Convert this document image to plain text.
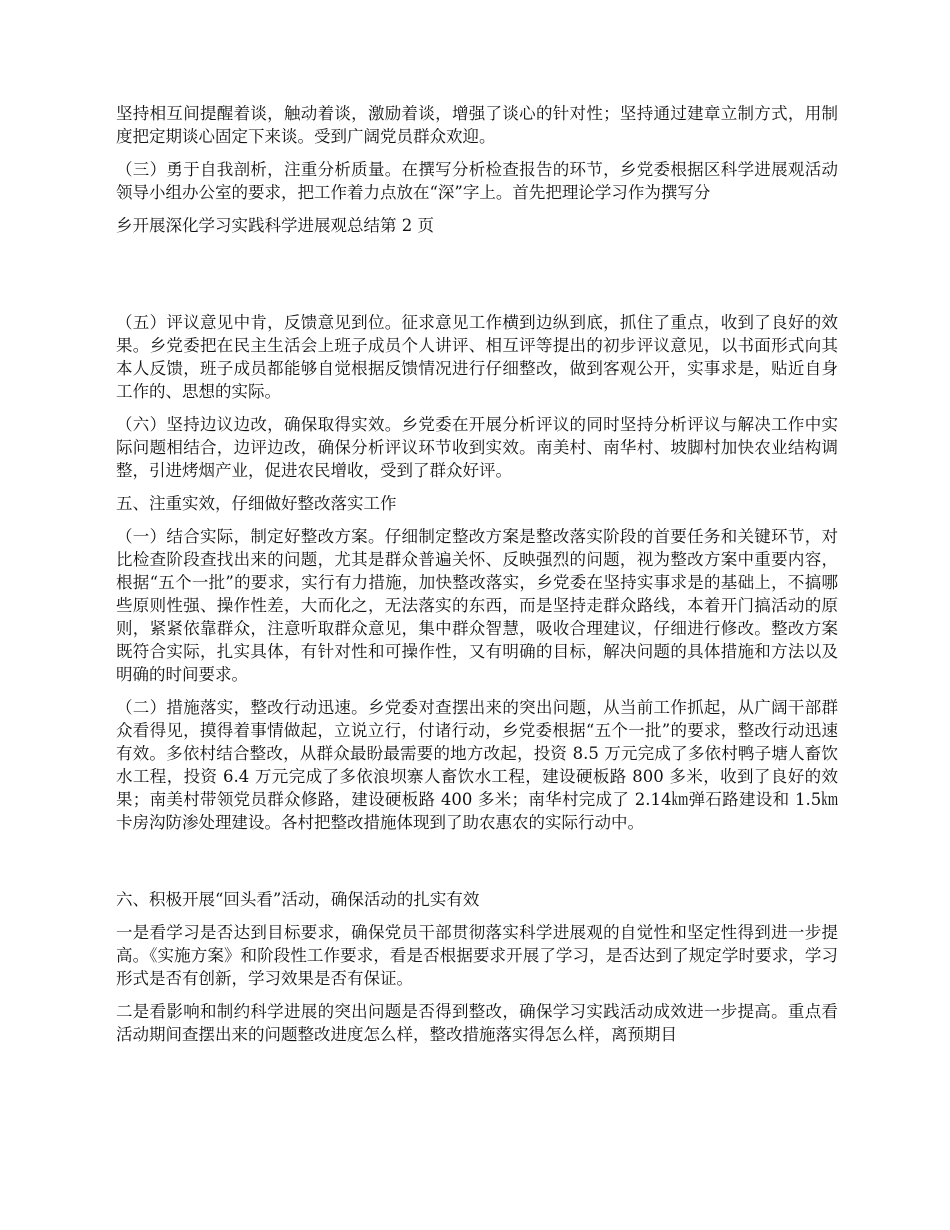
坚持相互间提醒着谈，触动着谈，激励着谈，增强了谈心的针对性；坚持通过建章立制方式，用制度把定期谈心固定下来谈。受到广阔党员群众欢迎。

（三）勇于自我剖析，注重分析质量。在撰写分析检查报告的环节，乡党委根据区科学进展观活动领导小组办公室的要求，把工作着力点放在“深”字上。首先把理论学习作为撰写分

乡开展深化学习实践科学进展观总结第 2 页

（五）评议意见中肯，反馈意见到位。征求意见工作横到边纵到底，抓住了重点，收到了良好的效果。乡党委把在民主生活会上班子成员个人讲评、相互评等提出的初步评议意见，以书面形式向其本人反馈，班子成员都能够自觉根据反馈情况进行仔细整改，做到客观公开，实事求是，贴近自身工作的、思想的实际。

（六）坚持边议边改，确保取得实效。乡党委在开展分析评议的同时坚持分析评议与解决工作中实际问题相结合，边评边改，确保分析评议环节收到实效。南美村、南华村、坡脚村加快农业结构调整，引进烤烟产业，促进农民增收，受到了群众好评。

五、注重实效，仔细做好整改落实工作

（一）结合实际，制定好整改方案。仔细制定整改方案是整改落实阶段的首要任务和关键环节，对比检查阶段查找出来的问题，尤其是群众普遍关怀、反映强烈的问题，视为整改方案中重要内容，根据“五个一批”的要求，实行有力措施，加快整改落实，乡党委在坚持实事求是的基础上，不搞哪些原则性强、操作性差，大而化之，无法落实的东西，而是坚持走群众路线，本着开门搞活动的原则，紧紧依靠群众，注意听取群众意见，集中群众智慧，吸收合理建议，仔细进行修改。整改方案既符合实际，扎实具体，有针对性和可操作性，又有明确的目标，解决问题的具体措施和方法以及明确的时间要求。

（二）措施落实，整改行动迅速。乡党委对查摆出来的突出问题，从当前工作抓起，从广阔干部群众看得见，摸得着事情做起，立说立行，付诸行动，乡党委根据“五个一批”的要求，整改行动迅速有效。多依村结合整改，从群众最盼最需要的地方改起，投资 8.5 万元完成了多依村鸭子塘人畜饮水工程，投资 6.4 万元完成了多依浪坝寨人畜饮水工程，建设硬板路 800 多米，收到了良好的效果；南美村带领党员群众修路，建设硬板路 400 多米；南华村完成了 2.14㎞弹石路建设和 1.5㎞卡房沟防渗处理建设。各村把整改措施体现到了助农惠农的实际行动中。

六、积极开展“回头看”活动，确保活动的扎实有效

一是看学习是否达到目标要求，确保党员干部贯彻落实科学进展观的自觉性和坚定性得到进一步提高。《实施方案》和阶段性工作要求，看是否根据要求开展了学习，是否达到了规定学时要求，学习形式是否有创新，学习效果是否有保证。

二是看影响和制约科学进展的突出问题是否得到整改，确保学习实践活动成效进一步提高。重点看活动期间查摆出来的问题整改进度怎么样，整改措施落实得怎么样，离预期目
